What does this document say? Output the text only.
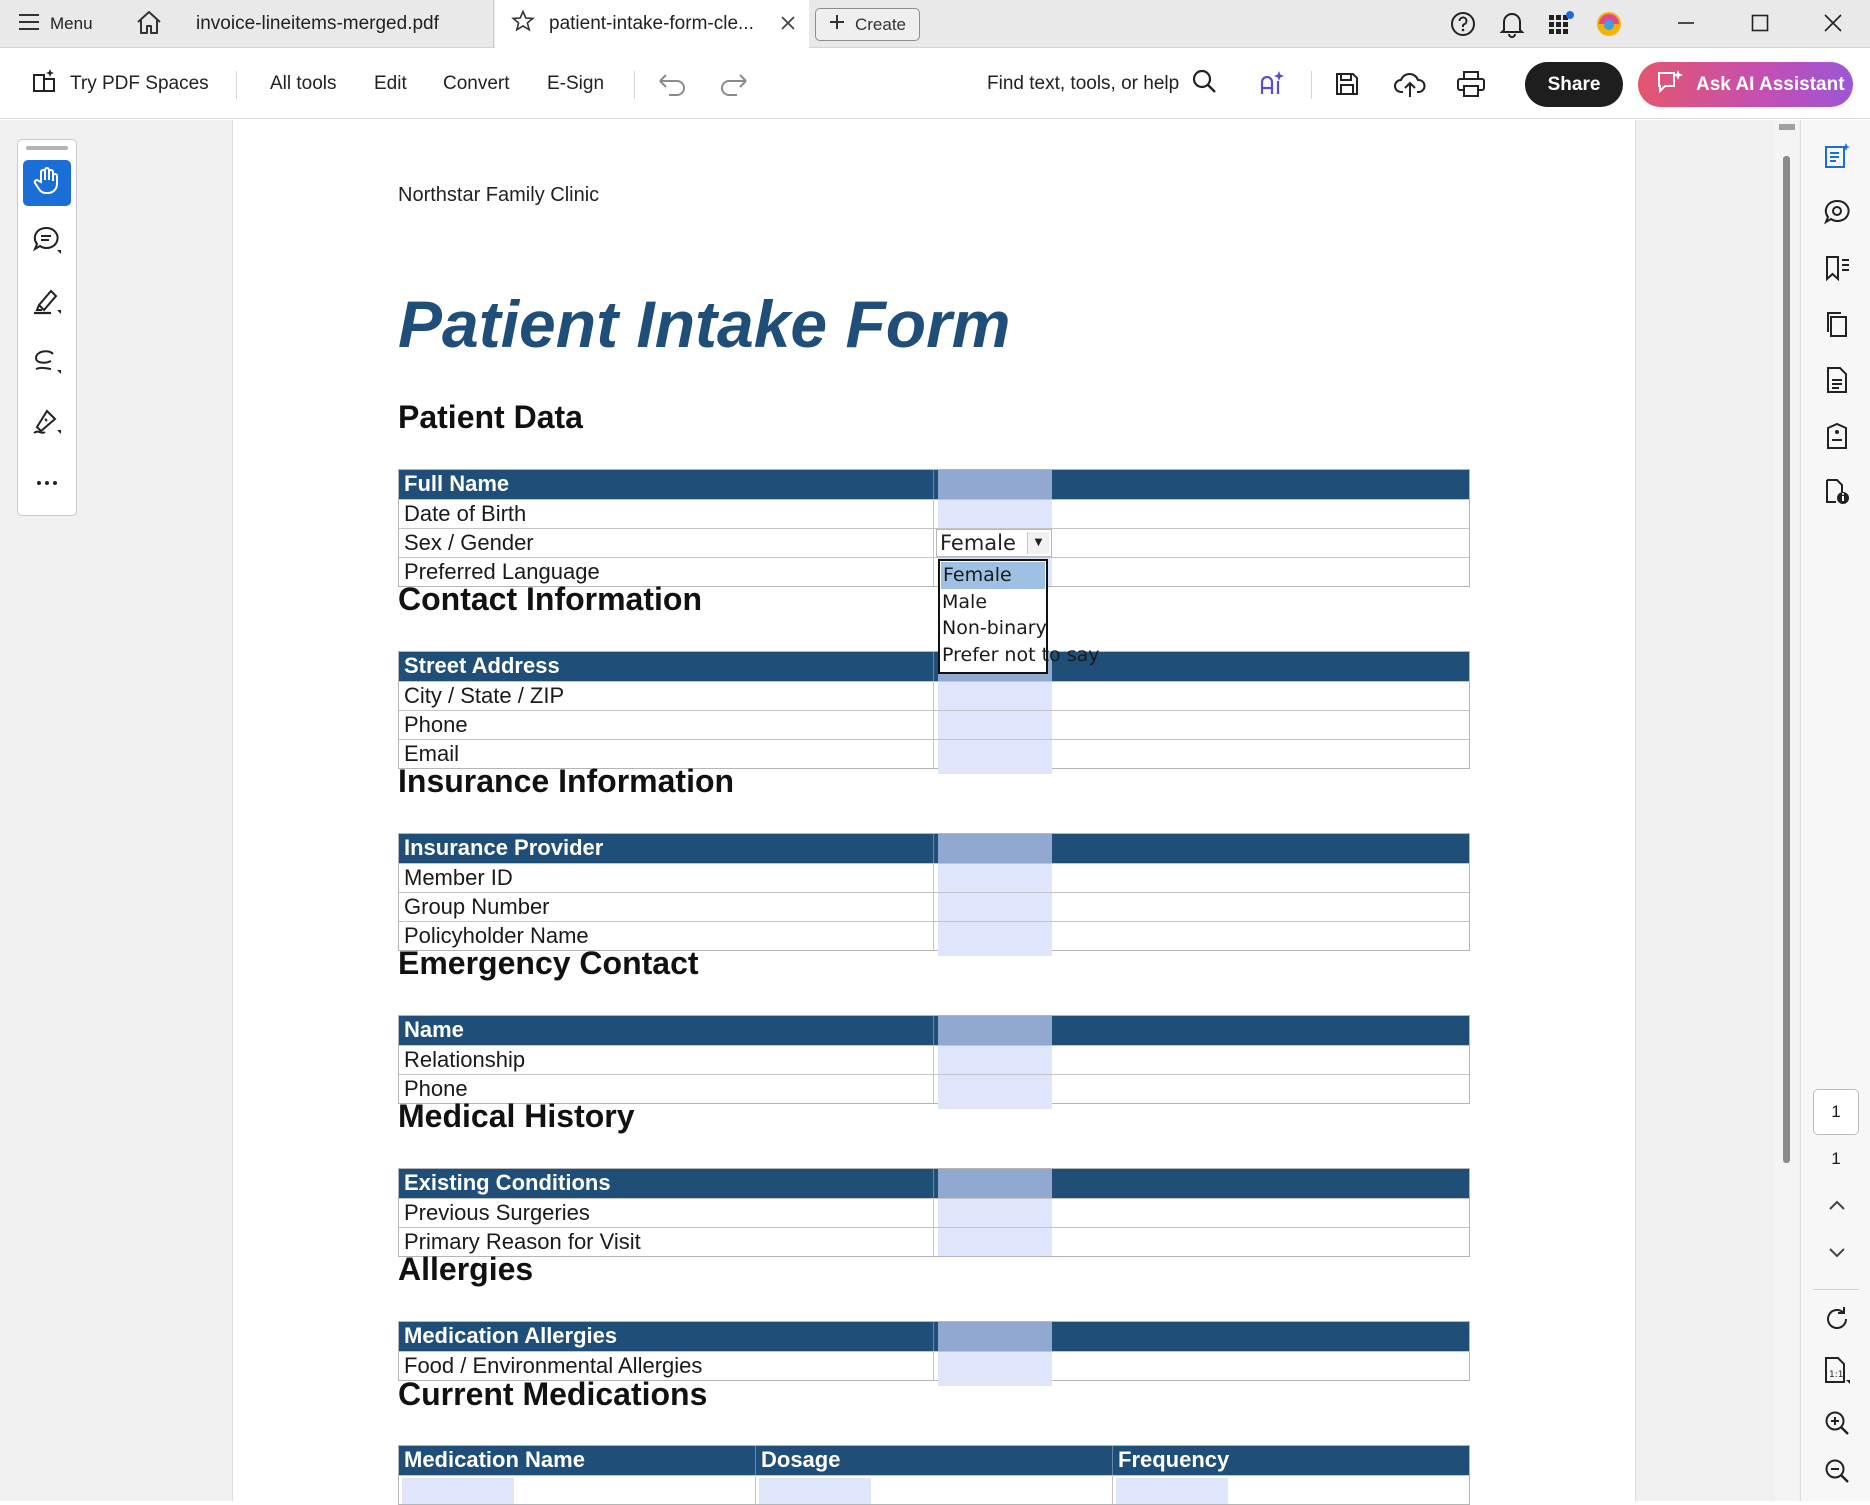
Menu	invoice-lineitems-merged.pdf	patient-intake-form-cle...	Create
Try PDF Spaces	All tools Edit Convert E-Sign	Find text, tools, or help	Share	Ask AI Assistant
Northstar Family Clinic
Patient Intake Form
Patient Data
Full Name
Date of Birth
Sex / Gender	Female	▼
Preferred Language
Contact Information
Street Address
City / State / ZIP
Phone
Email
Insurance Information
Insurance Provider
Member ID
Group Number
Policyholder Name
Emergency Contact
Name
Relationship
Phone
Medical History
Existing Conditions
Previous Surgeries
Primary Reason for Visit
Allergies
Medication Allergies
Food / Environmental Allergies
Current Medications
Medication Name	Dosage	Frequency
Female
Male
Non-binary
Prefer not to say
1
1
1:1
